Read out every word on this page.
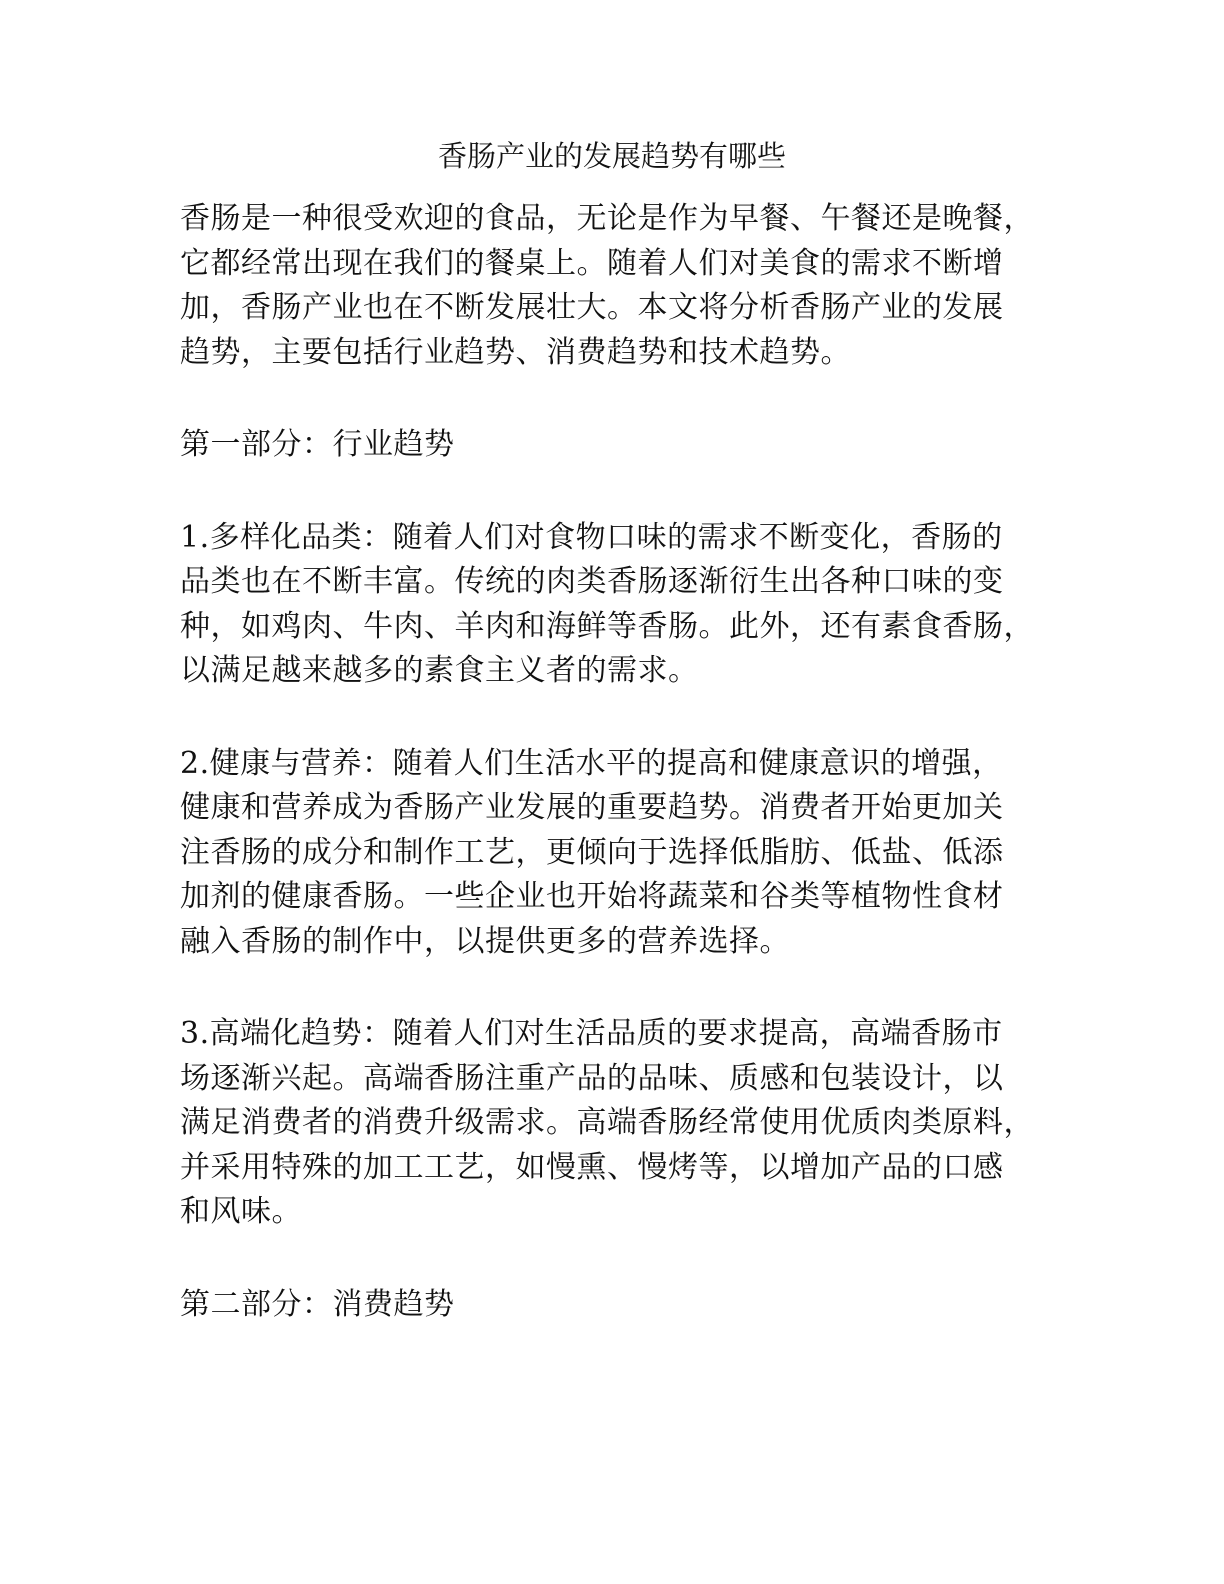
香肠产业的发展趋势有哪些

香肠是一种很受欢迎的食品，无论是作为早餐、午餐还是晚餐，
它都经常出现在我们的餐桌上。随着人们对美食的需求不断增
加，香肠产业也在不断发展壮大。本文将分析香肠产业的发展
趋势，主要包括行业趋势、消费趋势和技术趋势。

第一部分：行业趋势

1.多样化品类：随着人们对食物口味的需求不断变化，香肠的
品类也在不断丰富。传统的肉类香肠逐渐衍生出各种口味的变
种，如鸡肉、牛肉、羊肉和海鲜等香肠。此外，还有素食香肠，
以满足越来越多的素食主义者的需求。

2.健康与营养：随着人们生活水平的提高和健康意识的增强，
健康和营养成为香肠产业发展的重要趋势。消费者开始更加关
注香肠的成分和制作工艺，更倾向于选择低脂肪、低盐、低添
加剂的健康香肠。一些企业也开始将蔬菜和谷类等植物性食材
融入香肠的制作中，以提供更多的营养选择。

3.高端化趋势：随着人们对生活品质的要求提高，高端香肠市
场逐渐兴起。高端香肠注重产品的品味、质感和包装设计，以
满足消费者的消费升级需求。高端香肠经常使用优质肉类原料，
并采用特殊的加工工艺，如慢熏、慢烤等，以增加产品的口感
和风味。

第二部分：消费趋势
